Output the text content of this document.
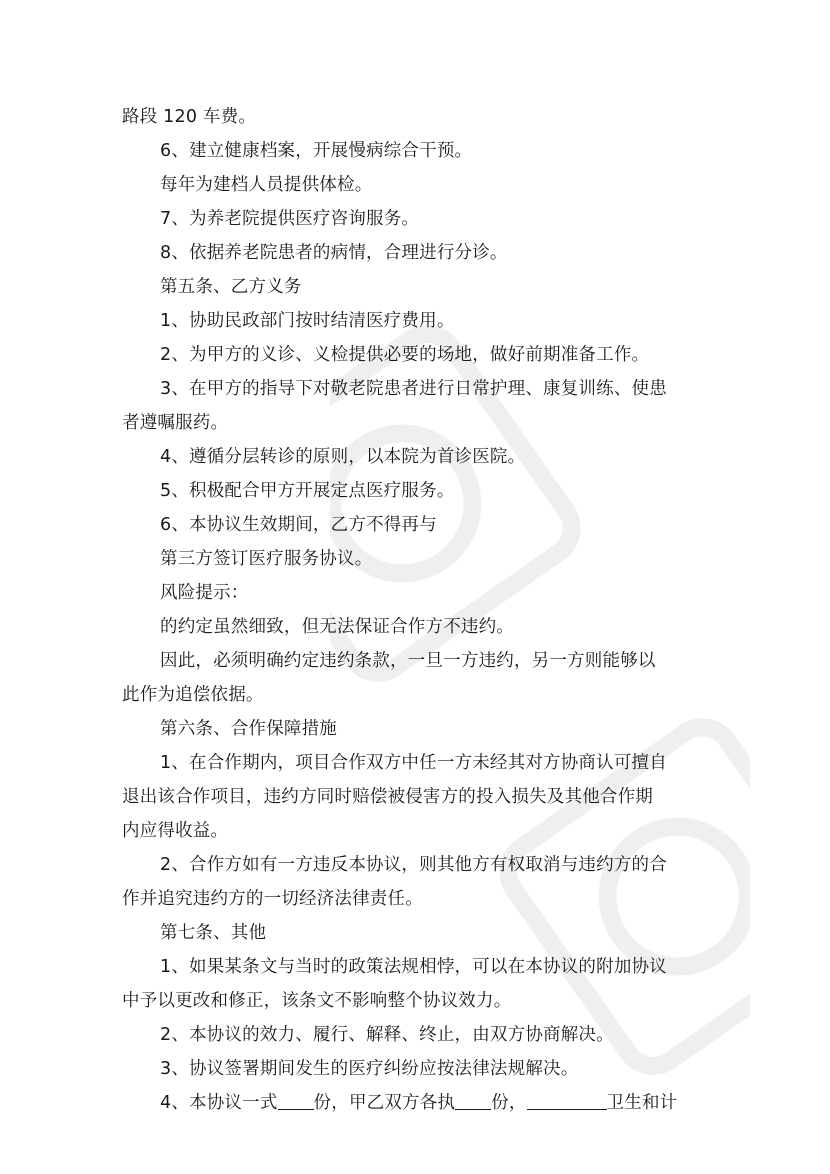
路段 120 车费。
6、建立健康档案，开展慢病综合干预。
每年为建档人员提供体检。
7、为养老院提供医疗咨询服务。
8、依据养老院患者的病情，合理进行分诊。
第五条、乙方义务
1、协助民政部门按时结清医疗费用。
2、为甲方的义诊、义检提供必要的场地，做好前期准备工作。
3、在甲方的指导下对敬老院患者进行日常护理、康复训练、使患
者遵嘱服药。
4、遵循分层转诊的原则，以本院为首诊医院。
5、积极配合甲方开展定点医疗服务。
6、本协议生效期间，乙方不得再与
第三方签订医疗服务协议。
风险提示：
的约定虽然细致，但无法保证合作方不违约。
因此，必须明确约定违约条款，一旦一方违约，另一方则能够以
此作为追偿依据。
第六条、合作保障措施
1、在合作期内，项目合作双方中任一方未经其对方协商认可擅自
退出该合作项目，违约方同时赔偿被侵害方的投入损失及其他合作期
内应得收益。
2、合作方如有一方违反本协议，则其他方有权取消与违约方的合
作并追究违约方的一切经济法律责任。
第七条、其他
1、如果某条文与当时的政策法规相悖，可以在本协议的附加协议
中予以更改和修正，该条文不影响整个协议效力。
2、本协议的效力、履行、解释、终止，由双方协商解决。
3、协议签署期间发生的医疗纠纷应按法律法规解决。
4、本协议一式 份，甲乙双方各执 份，	卫生和计
